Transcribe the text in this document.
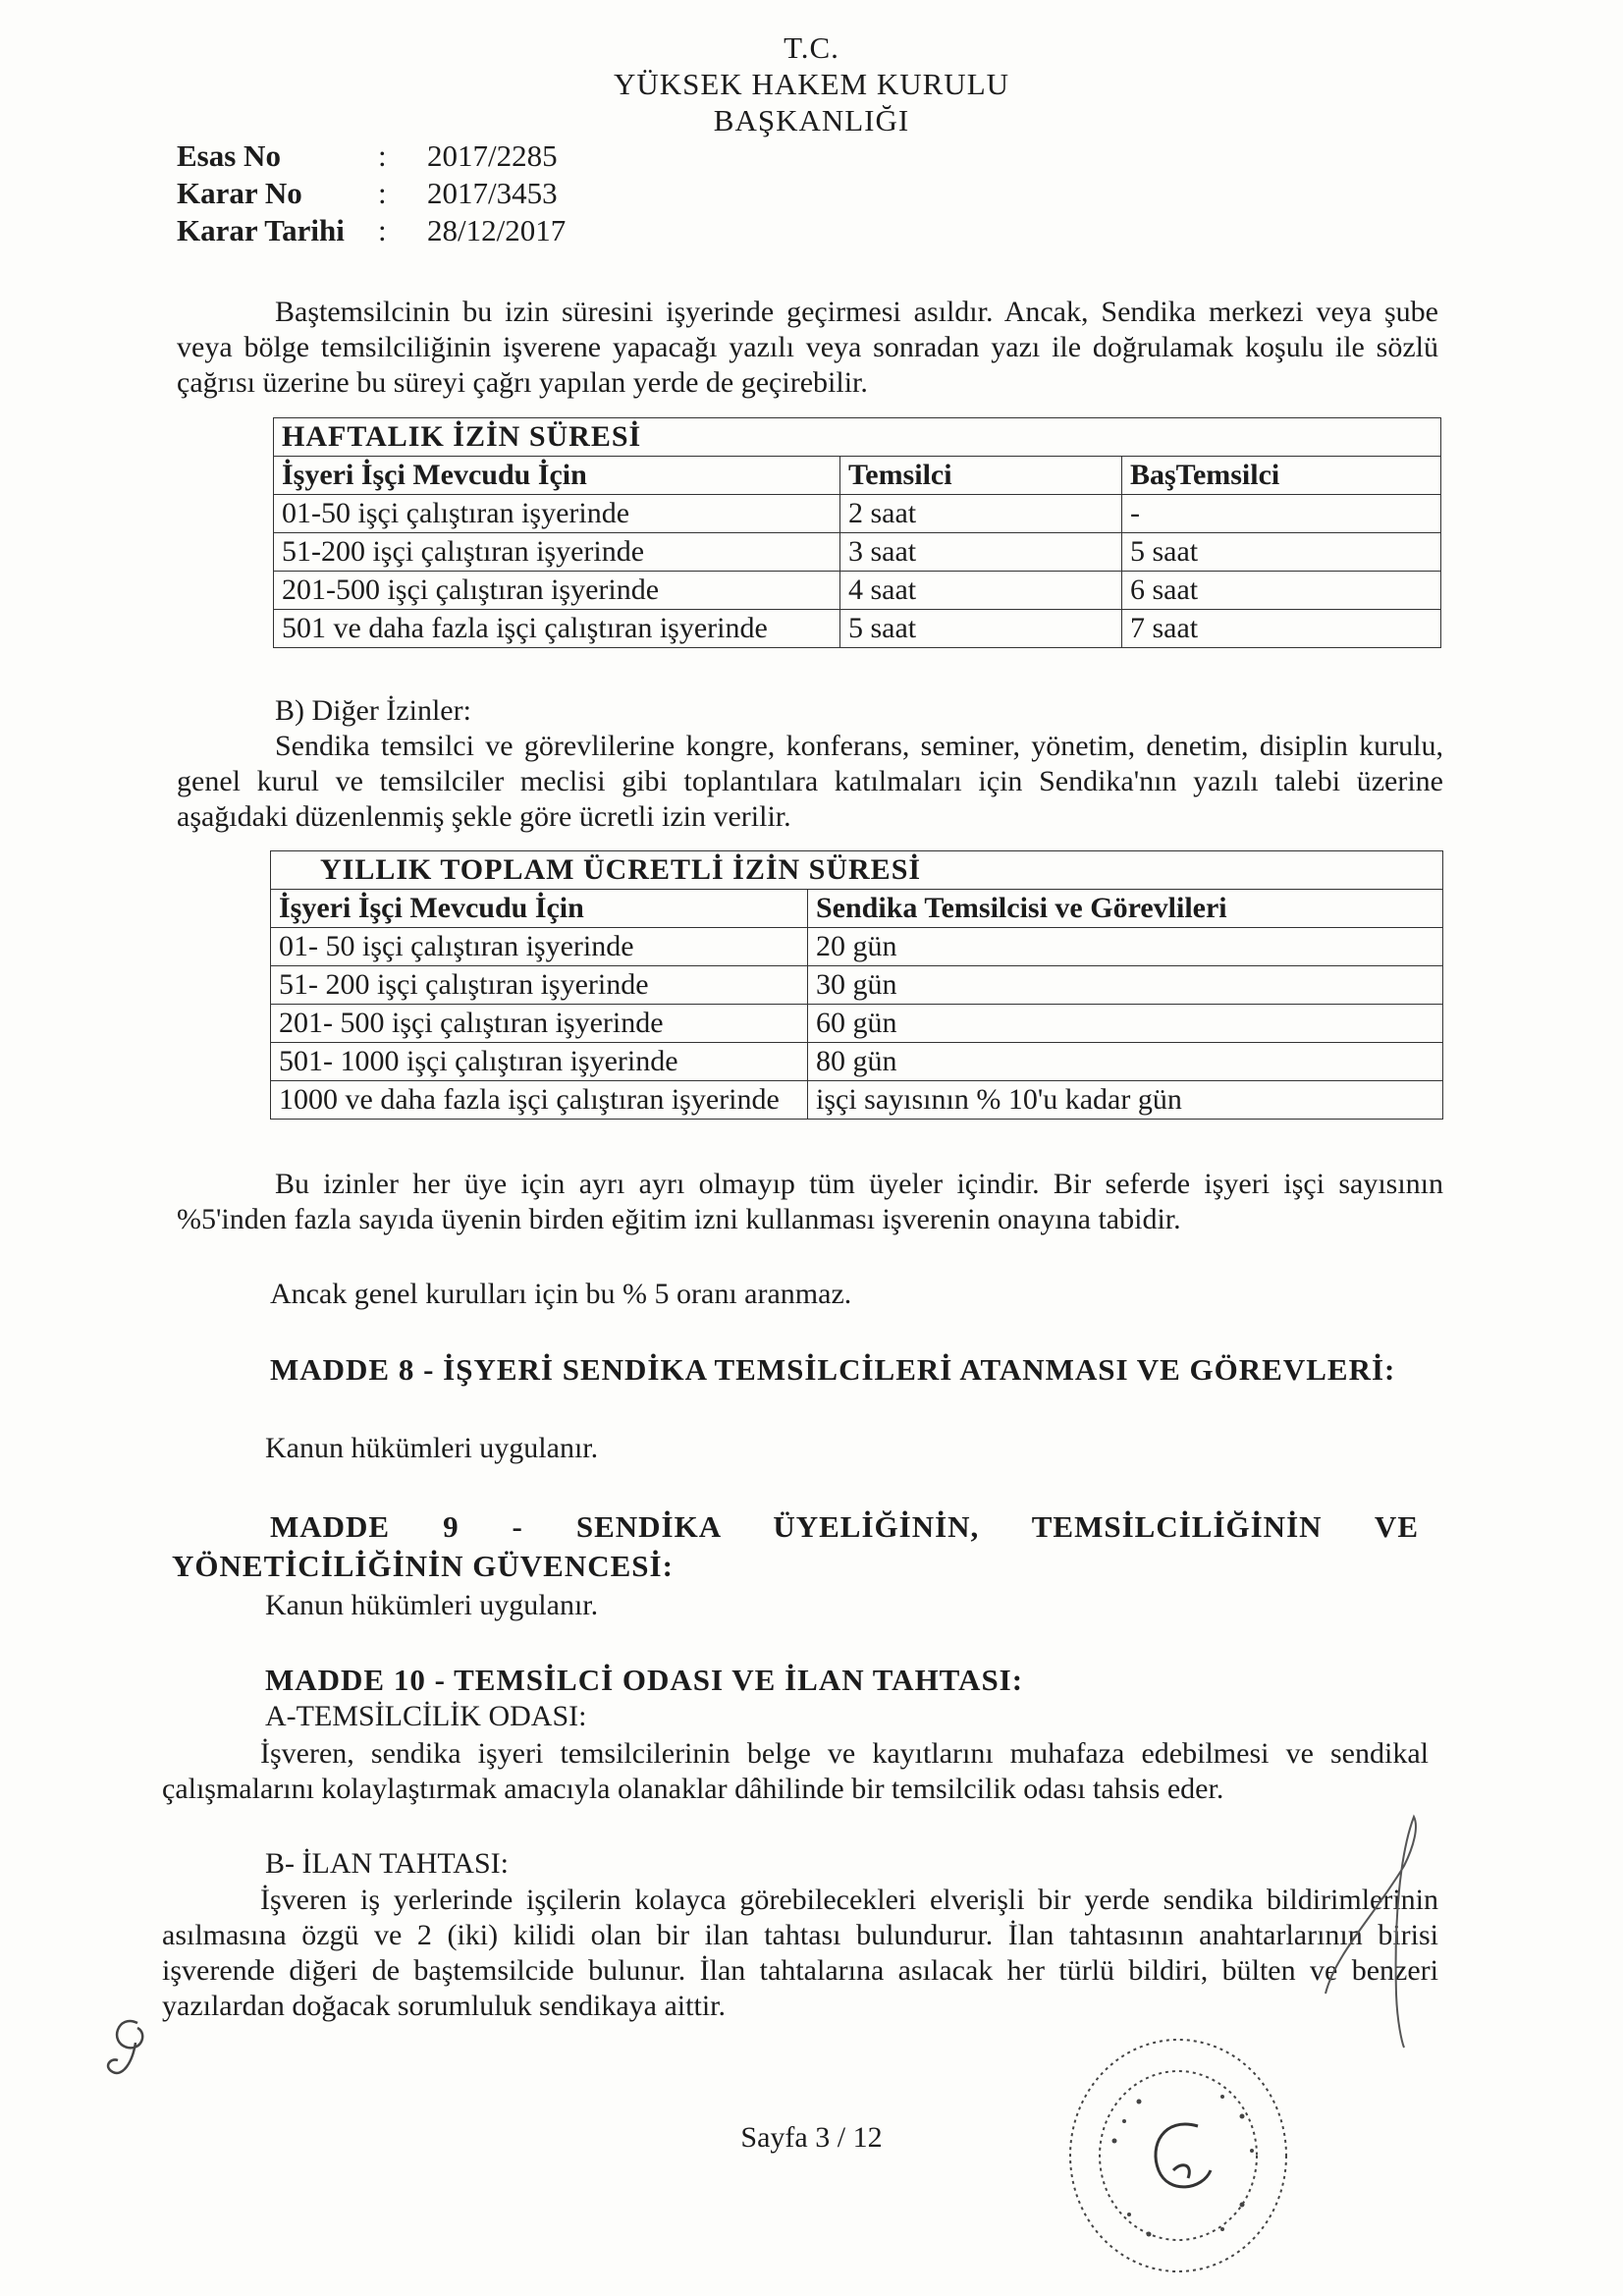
T.C.
YÜKSEK HAKEM KURULU
BAŞKANLIĞI
Esas No	:	2017/2285
Karar No	:	2017/3453
Karar Tarihi	:	28/12/2017
Baştemsilcinin bu izin süresini işyerinde geçirmesi asıldır. Ancak, Sendika merkezi veya şube veya bölge temsilciliğinin işverene yapacağı yazılı veya sonradan yazı ile doğrulamak koşulu ile sözlü çağrısı üzerine bu süreyi çağrı yapılan yerde de geçirebilir.
HAFTALIK İZİN SÜRESİ		
İşyeri İşçi Mevcudu İçin	Temsilci	BaşTemsilci
01-50 işçi çalıştıran işyerinde	2 saat	-
51-200 işçi çalıştıran işyerinde	3 saat	5 saat
201-500 işçi çalıştıran işyerinde	4 saat	6 saat
501 ve daha fazla işçi çalıştıran işyerinde	5 saat	7 saat
B) Diğer İzinler:
Sendika temsilci ve görevlilerine kongre, konferans, seminer, yönetim, denetim, disiplin kurulu, genel kurul ve temsilciler meclisi gibi toplantılara katılmaları için Sendika'nın yazılı talebi üzerine aşağıdaki düzenlenmiş şekle göre ücretli izin verilir.
YILLIK TOPLAM ÜCRETLİ İZİN SÜRESİ	
İşyeri İşçi Mevcudu İçin	Sendika Temsilcisi ve Görevlileri
01- 50 işçi çalıştıran işyerinde	20 gün
51- 200 işçi çalıştıran işyerinde	30 gün
201- 500 işçi çalıştıran işyerinde	60 gün
501- 1000 işçi çalıştıran işyerinde	80 gün
1000 ve daha fazla işçi çalıştıran işyerinde	işçi sayısının % 10'u kadar gün
Bu izinler her üye için ayrı ayrı olmayıp tüm üyeler içindir. Bir seferde işyeri işçi sayısının %5'inden fazla sayıda üyenin birden eğitim izni kullanması işverenin onayına tabidir.
Ancak genel kurulları için bu % 5 oranı aranmaz.
MADDE 8 - İŞYERİ SENDİKA TEMSİLCİLERİ ATANMASI VE GÖREVLERİ:
Kanun hükümleri uygulanır.
MADDE 9 - SENDİKA ÜYELİĞİNİN, TEMSİLCİLİĞİNİN VE YÖNETİCİLİĞİNİN GÜVENCESİ:
Kanun hükümleri uygulanır.
MADDE 10 - TEMSİLCİ ODASI VE İLAN TAHTASI:
A-TEMSİLCİLİK ODASI:
İşveren, sendika işyeri temsilcilerinin belge ve kayıtlarını muhafaza edebilmesi ve sendikal çalışmalarını kolaylaştırmak amacıyla olanaklar dâhilinde bir temsilcilik odası tahsis eder.
B- İLAN TAHTASI:
İşveren iş yerlerinde işçilerin kolayca görebilecekleri elverişli bir yerde sendika bildirimlerinin asılmasına özgü ve 2 (iki) kilidi olan bir ilan tahtası bulundurur. İlan tahtasının anahtarlarının birisi işverende diğeri de baştemsilcide bulunur. İlan tahtalarına asılacak her türlü bildiri, bülten ve benzeri yazılardan doğacak sorumluluk sendikaya aittir.
Sayfa 3 / 12
